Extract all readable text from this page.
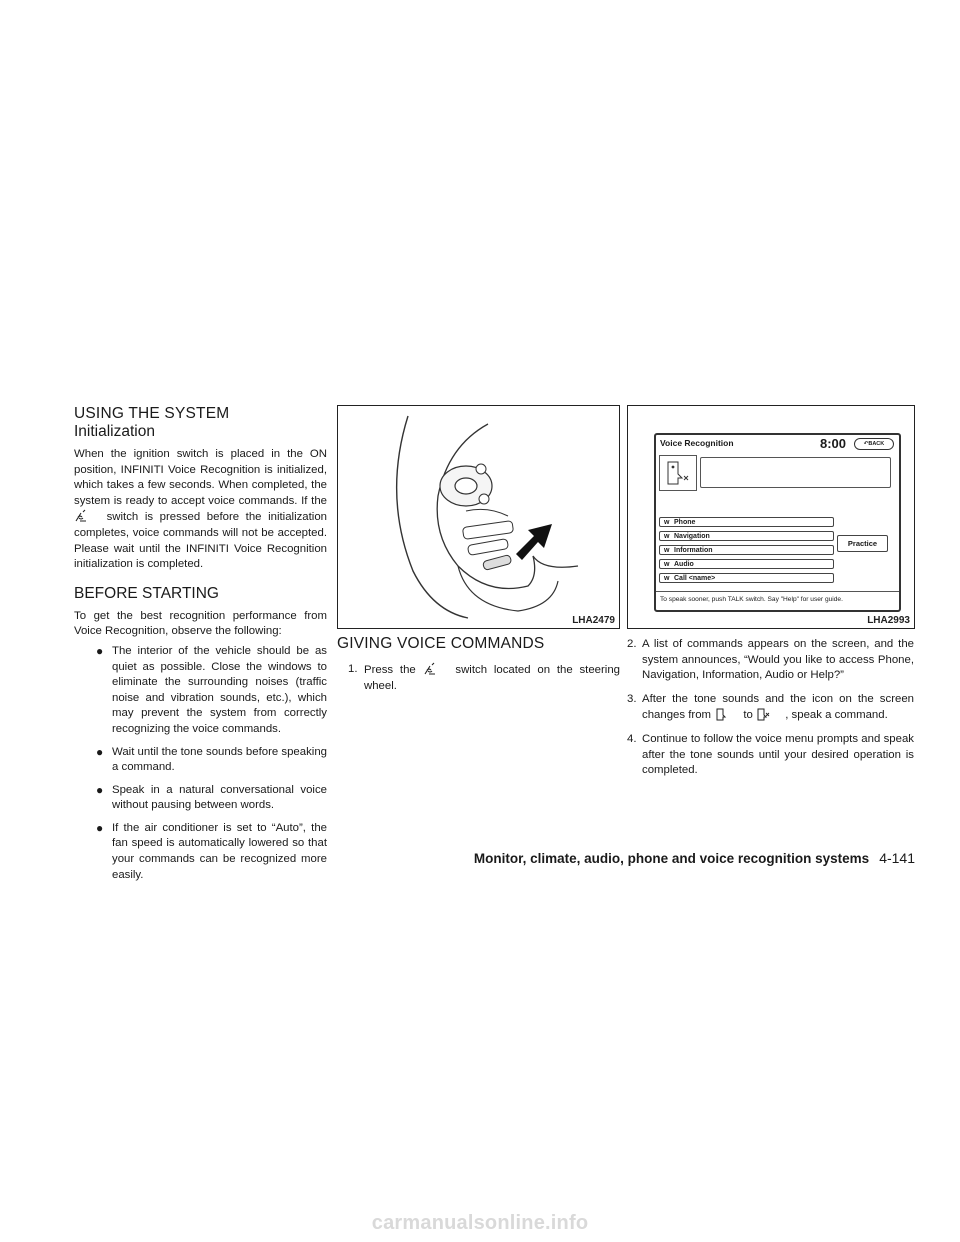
USING THE SYSTEM
Initialization

When the ignition switch is placed in the ON position, INFINITI Voice Recognition is initialized, which takes a few seconds. When completed, the system is ready to accept voice commands. If the  switch is pressed before the initialization completes, voice commands will not be accepted. Please wait until the INFINITI Voice Recognition initialization is completed.

BEFORE STARTING

To get the best recognition performance from Voice Recognition, observe the following:

● The interior of the vehicle should be as quiet as possible. Close the windows to eliminate the surrounding noises (traffic noise and vibration sounds, etc.), which may prevent the system from correctly recognizing the voice commands.
● Wait until the tone sounds before speaking a command.
● Speak in a natural conversational voice without pausing between words.
● If the air conditioner is set to “Auto”, the fan speed is automatically lowered so that your commands can be recognized more easily.
LHA2479
Voice Recognition	8:00	↶BACK
ᴡ Phone
ᴡ Navigation
ᴡ Information
ᴡ Audio
ᴡ Call <name>
Practice
To speak sooner, push TALK switch. Say "Help" for user guide.
LHA2993
GIVING VOICE COMMANDS
1. Press the	switch located on the steering wheel.
2. A list of commands appears on the screen, and the system announces, “Would you like to access Phone, Navigation, Information, Audio or Help?”
3. After the tone sounds and the icon on the screen changes from	to	, speak a command.
4. Continue to follow the voice menu prompts and speak after the tone sounds until your desired operation is completed.
Monitor, climate, audio, phone and voice recognition systems 4-141
carmanualsonline.info
